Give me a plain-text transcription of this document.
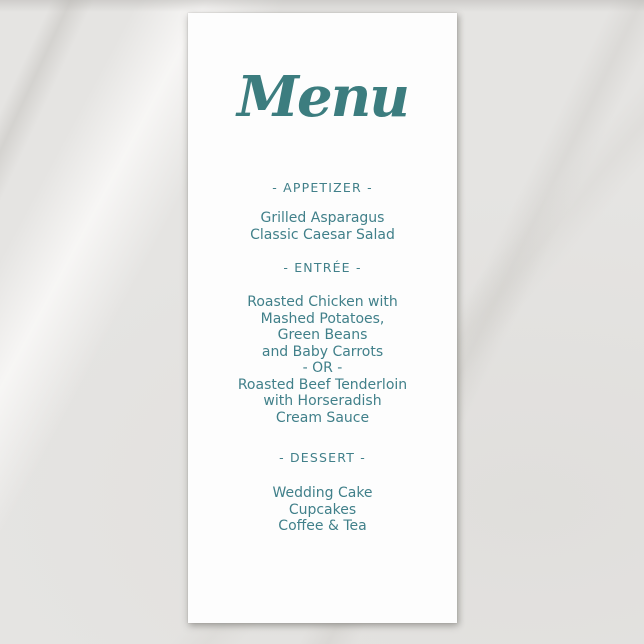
Menu
- APPETIZER -
Grilled Asparagus
Classic Caesar Salad
- ENTRÉE -
Roasted Chicken with
Mashed Potatoes,
Green Beans
and Baby Carrots
- OR -
Roasted Beef Tenderloin
with Horseradish
Cream Sauce
- DESSERT -
Wedding Cake
Cupcakes
Coffee & Tea
